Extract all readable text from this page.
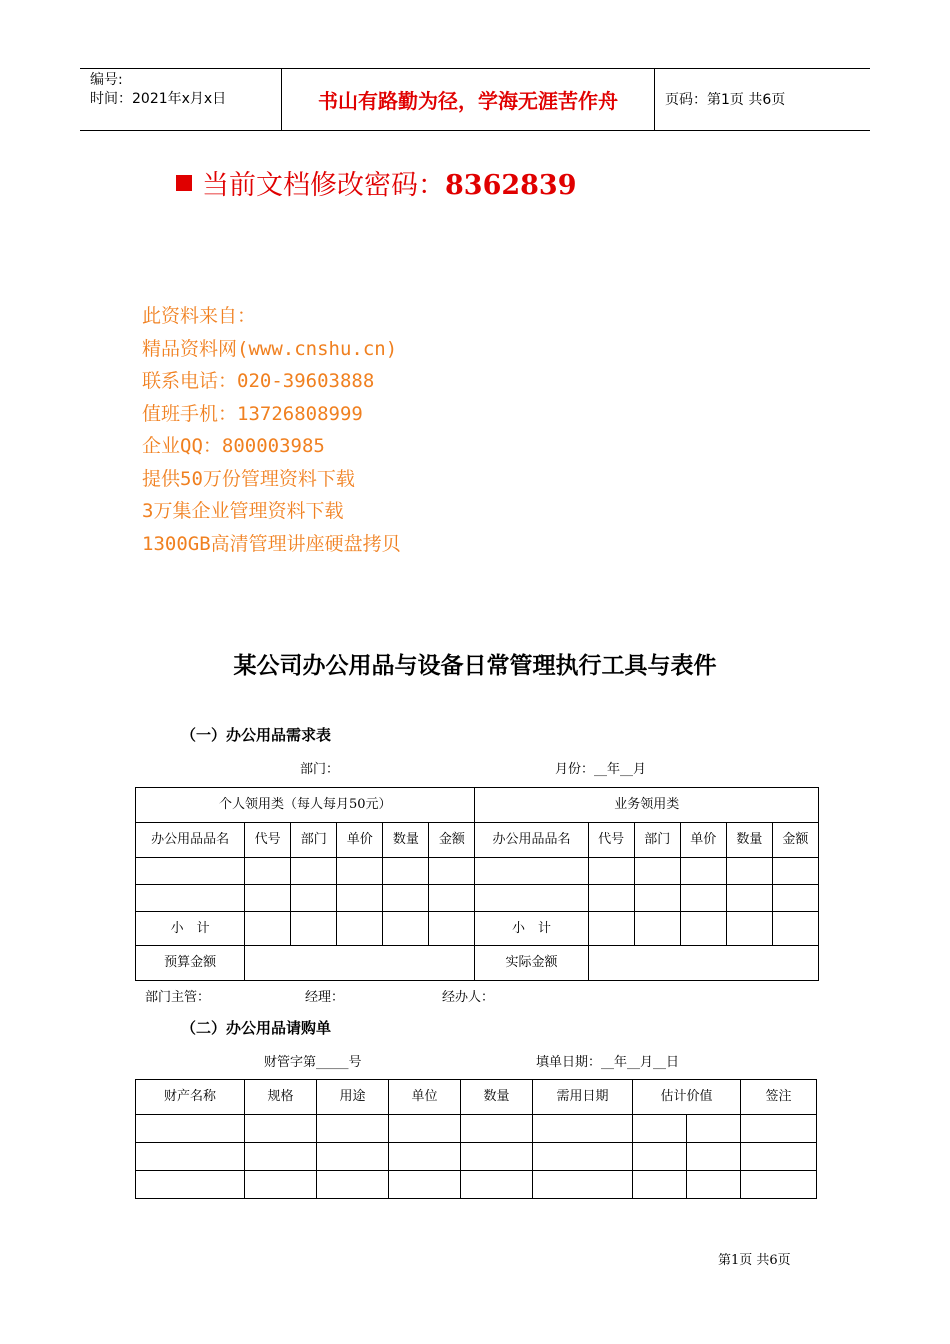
编号:
时间：2021年x月x日	书山有路勤为径，学海无涯苦作舟	页码：第1页 共6页
当前文档修改密码：8362839
此资料来自：
精品资料网(www.cnshu.cn)
联系电话：020-39603888
值班手机：13726808999
企业QQ：800003985
提供50万份管理资料下载
3万集企业管理资料下载
1300GB高清管理讲座硬盘拷贝
某公司办公用品与设备日常管理执行工具与表件
（一）办公用品需求表
部门：	月份：__年__月
个人领用类（每人每月50元）						业务领用类					
办公用品品名	代号	部门	单价	数量	金额	办公用品品名	代号	部门	单价	数量	金额

小　计						小　计					
预算金额						实际金额					
部门主管：	经理：	经办人：
（二）办公用品请购单
财管字第_____号	填单日期：__年__月__日
财产名称	规格	用途	单位	数量	需用日期	估计价值		签注

第1页 共6页
